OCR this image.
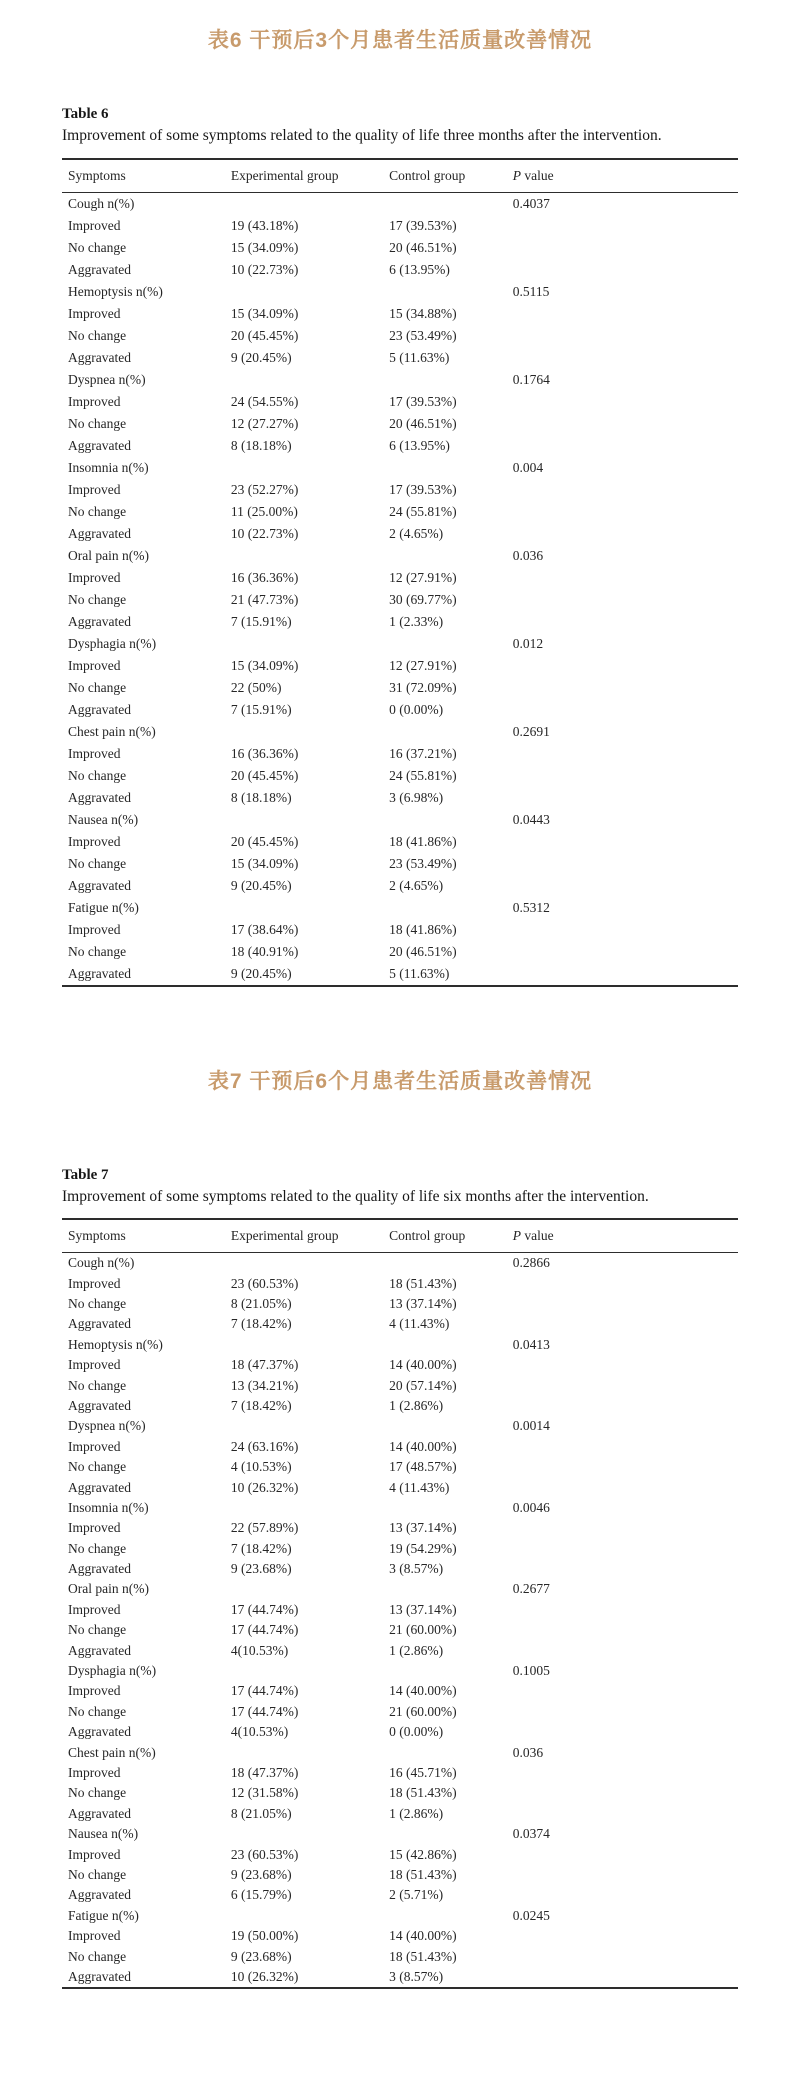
表6 干预后3个月患者生活质量改善情况
Table 6
Improvement of some symptoms related to the quality of life three months after the intervention.
Symptoms	Experimental group	Control group	P value
Cough n(%)			0.4037
Improved	19 (43.18%)	17 (39.53%)	
No change	15 (34.09%)	20 (46.51%)	
Aggravated	10 (22.73%)	6 (13.95%)	
Hemoptysis n(%)			0.5115
Improved	15 (34.09%)	15 (34.88%)	
No change	20 (45.45%)	23 (53.49%)	
Aggravated	9 (20.45%)	5 (11.63%)	
Dyspnea n(%)			0.1764
Improved	24 (54.55%)	17 (39.53%)	
No change	12 (27.27%)	20 (46.51%)	
Aggravated	8 (18.18%)	6 (13.95%)	
Insomnia n(%)			0.004
Improved	23 (52.27%)	17 (39.53%)	
No change	11 (25.00%)	24 (55.81%)	
Aggravated	10 (22.73%)	2 (4.65%)	
Oral pain n(%)			0.036
Improved	16 (36.36%)	12 (27.91%)	
No change	21 (47.73%)	30 (69.77%)	
Aggravated	7 (15.91%)	1 (2.33%)	
Dysphagia n(%)			0.012
Improved	15 (34.09%)	12 (27.91%)	
No change	22 (50%)	31 (72.09%)	
Aggravated	7 (15.91%)	0 (0.00%)	
Chest pain n(%)			0.2691
Improved	16 (36.36%)	16 (37.21%)	
No change	20 (45.45%)	24 (55.81%)	
Aggravated	8 (18.18%)	3 (6.98%)	
Nausea n(%)			0.0443
Improved	20 (45.45%)	18 (41.86%)	
No change	15 (34.09%)	23 (53.49%)	
Aggravated	9 (20.45%)	2 (4.65%)	
Fatigue n(%)			0.5312
Improved	17 (38.64%)	18 (41.86%)	
No change	18 (40.91%)	20 (46.51%)	
Aggravated	9 (20.45%)	5 (11.63%)	
表7 干预后6个月患者生活质量改善情况
Table 7
Improvement of some symptoms related to the quality of life six months after the intervention.
Symptoms	Experimental group	Control group	P value
Cough n(%)			0.2866
Improved	23 (60.53%)	18 (51.43%)	
No change	8 (21.05%)	13 (37.14%)	
Aggravated	7 (18.42%)	4 (11.43%)	
Hemoptysis n(%)			0.0413
Improved	18 (47.37%)	14 (40.00%)	
No change	13 (34.21%)	20 (57.14%)	
Aggravated	7 (18.42%)	1 (2.86%)	
Dyspnea n(%)			0.0014
Improved	24 (63.16%)	14 (40.00%)	
No change	4 (10.53%)	17 (48.57%)	
Aggravated	10 (26.32%)	4 (11.43%)	
Insomnia n(%)			0.0046
Improved	22 (57.89%)	13 (37.14%)	
No change	7 (18.42%)	19 (54.29%)	
Aggravated	9 (23.68%)	3 (8.57%)	
Oral pain n(%)			0.2677
Improved	17 (44.74%)	13 (37.14%)	
No change	17 (44.74%)	21 (60.00%)	
Aggravated	4(10.53%)	1 (2.86%)	
Dysphagia n(%)			0.1005
Improved	17 (44.74%)	14 (40.00%)	
No change	17 (44.74%)	21 (60.00%)	
Aggravated	4(10.53%)	0 (0.00%)	
Chest pain n(%)			0.036
Improved	18 (47.37%)	16 (45.71%)	
No change	12 (31.58%)	18 (51.43%)	
Aggravated	8 (21.05%)	1 (2.86%)	
Nausea n(%)			0.0374
Improved	23 (60.53%)	15 (42.86%)	
No change	9 (23.68%)	18 (51.43%)	
Aggravated	6 (15.79%)	2 (5.71%)	
Fatigue n(%)			0.0245
Improved	19 (50.00%)	14 (40.00%)	
No change	9 (23.68%)	18 (51.43%)	
Aggravated	10 (26.32%)	3 (8.57%)	
